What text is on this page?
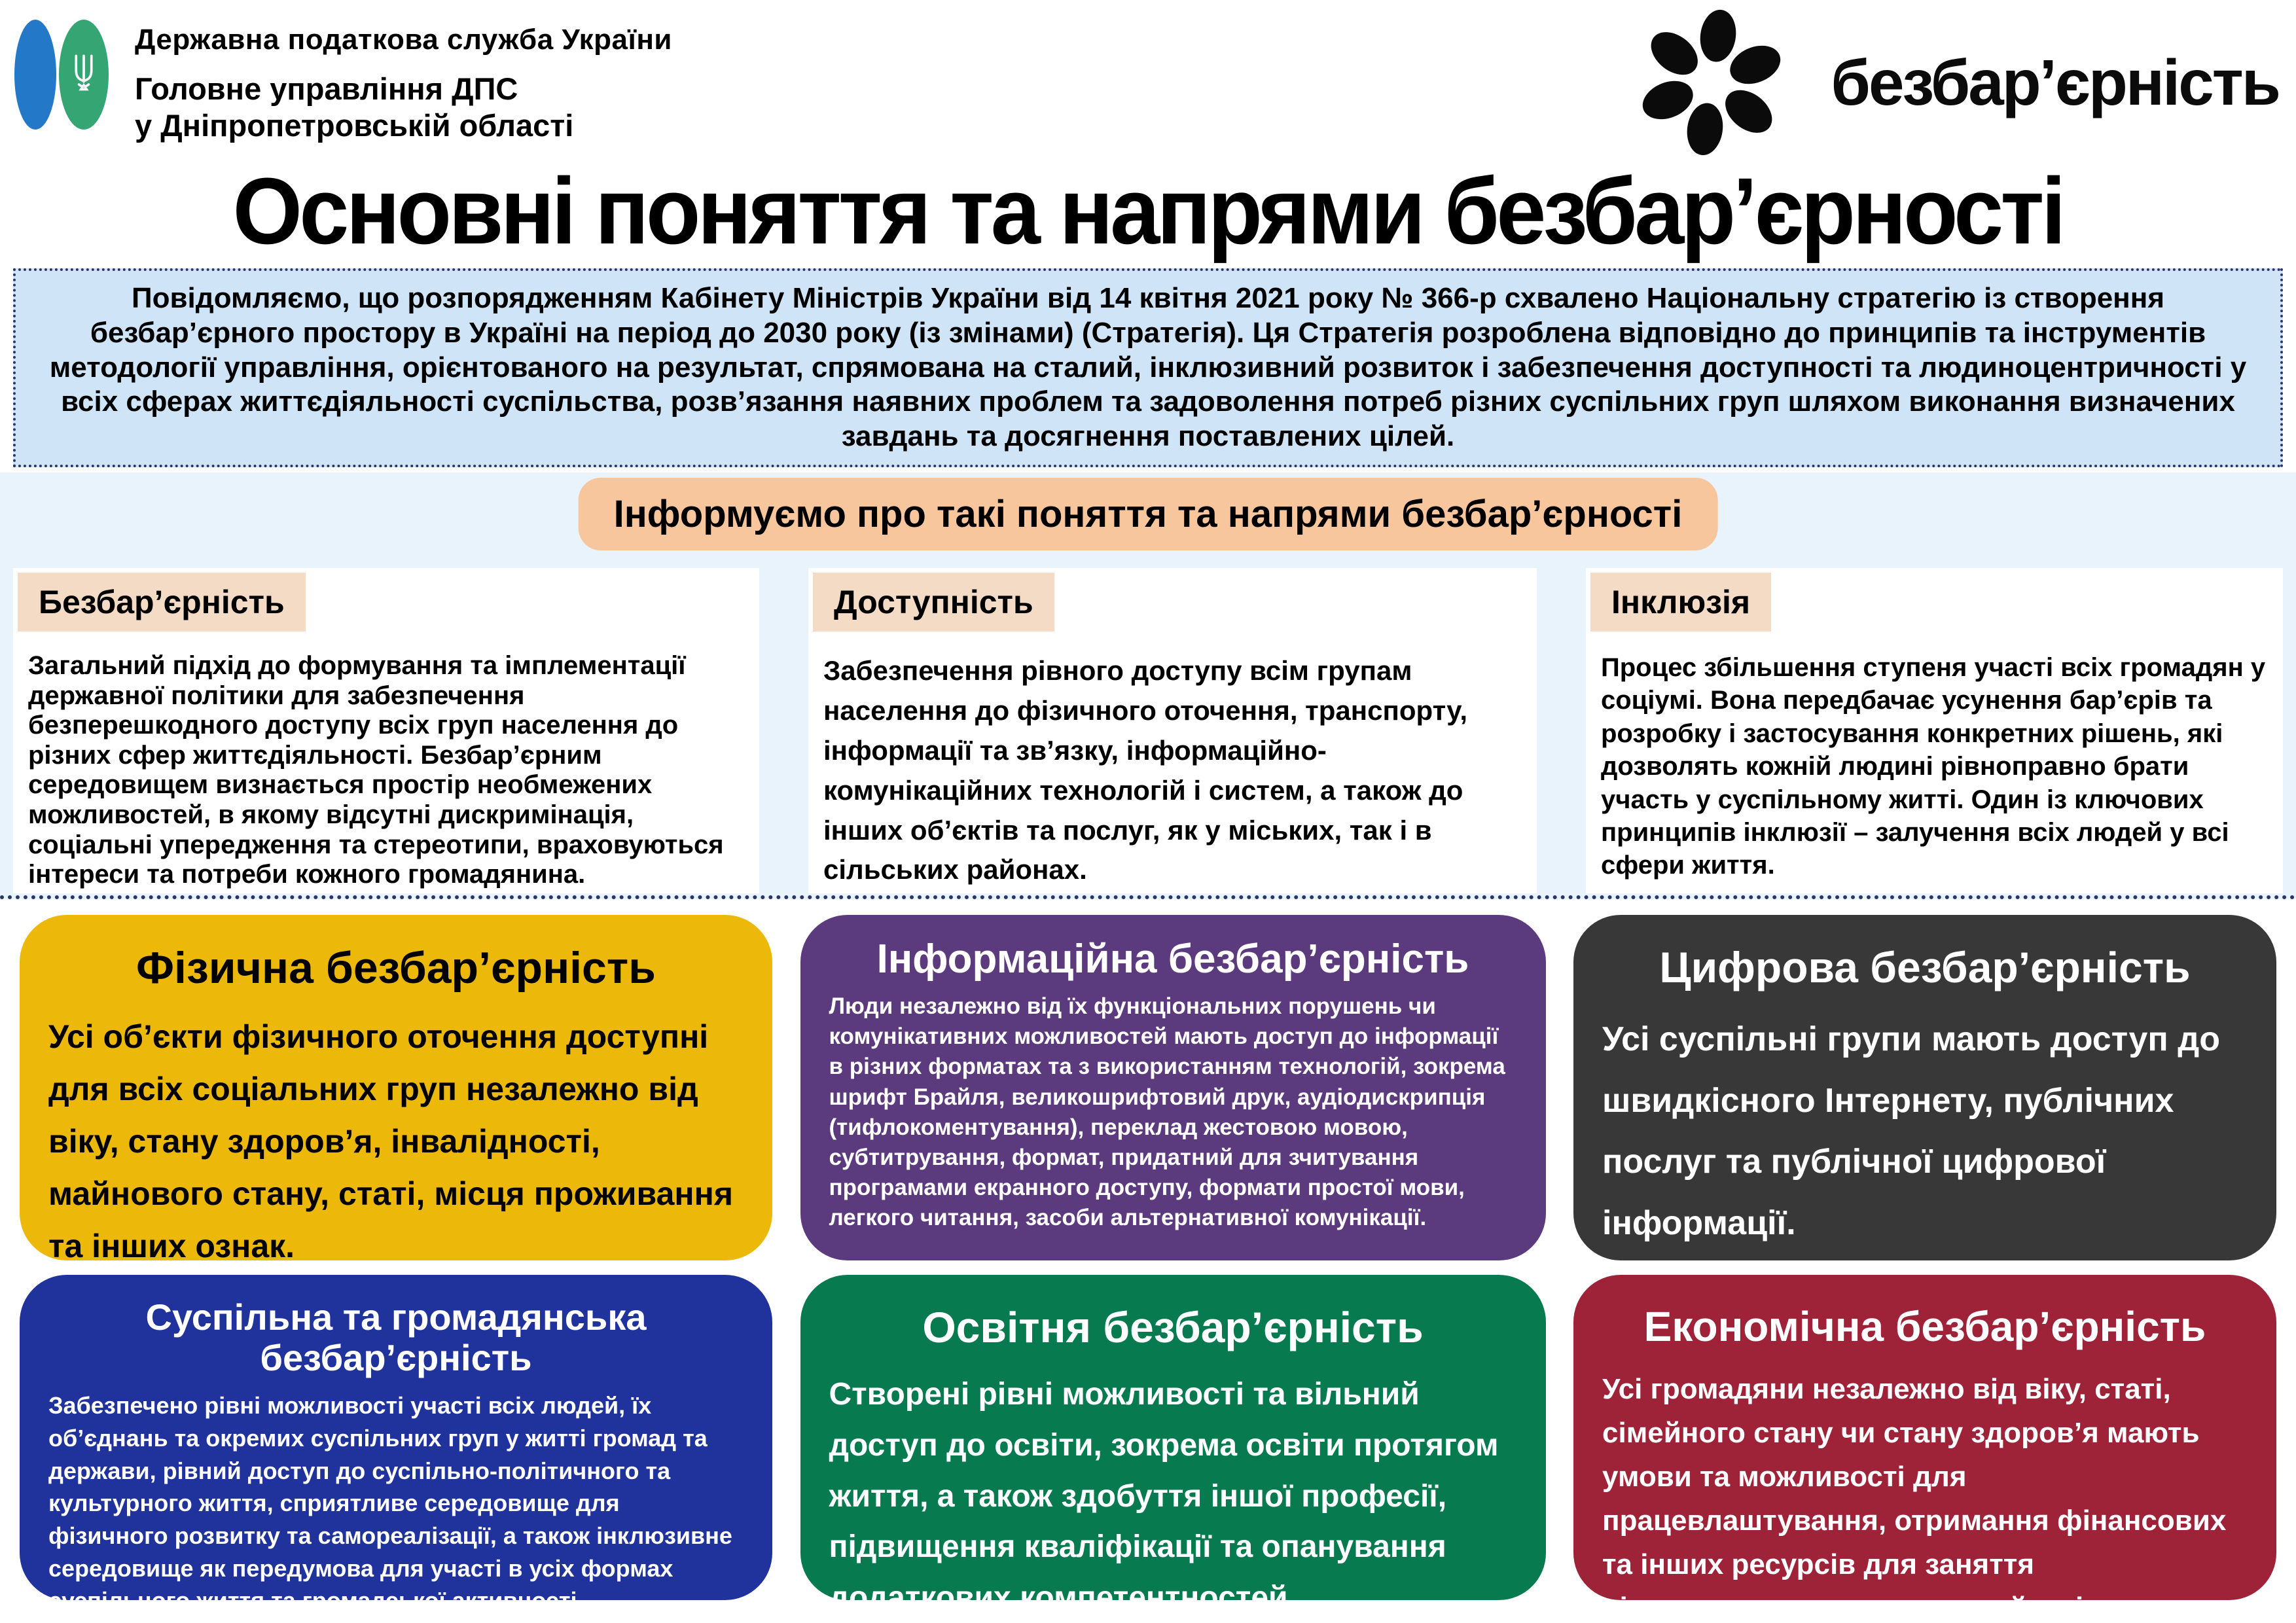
Державна податкова служба України
Головне управління ДПС
у Дніпропетровській області
безбар’єрність
Основні поняття та напрями безбар’єрності
Повідомляємо, що розпорядженням Кабінету Міністрів України від 14 квітня 2021 року № 366-р схвалено Національну стратегію із створення безбар’єрного простору в Україні на період до 2030 року (із змінами) (Стратегія). Ця Стратегія розроблена відповідно до принципів та інструментів методології управління, орієнтованого на результат, спрямована на сталий, інклюзивний розвиток і забезпечення доступності та людиноцентричності у всіх сферах життєдіяльності суспільства, розв’язання наявних проблем та задоволення потреб різних суспільних груп шляхом виконання визначених завдань та досягнення поставлених цілей.
Інформуємо про такі поняття та напрями безбар’єрності
Безбар’єрність
Загальний підхід до формування та імплементації державної політики для забезпечення безперешкодного доступу всіх груп населення до різних сфер життєдіяльності. Безбар’єрним середовищем визнається простір необмежених можливостей, в якому відсутні дискримінація, соціальні упередження та стереотипи, враховуються інтереси та потреби кожного громадянина.
Доступність
Забезпечення рівного доступу всім групам населення до фізичного оточення, транспорту, інформації та зв’язку, інформаційно-комунікаційних технологій і систем, а також до інших об’єктів та послуг, як у міських, так і в сільських районах.
Інклюзія
Процес збільшення ступеня участі всіх громадян у соціумі. Вона передбачає усунення бар’єрів та розробку і застосування конкретних рішень, які дозволять кожній людині рівноправно брати участь у суспільному житті. Один із ключових принципів інклюзії – залучення всіх людей у всі сфери життя.
Фізична безбар’єрність
Усі об’єкти фізичного оточення доступні для всіх соціальних груп незалежно від віку, стану здоров’я, інвалідності, майнового стану, статі, місця проживання та інших ознак.
Інформаційна безбар’єрність
Люди незалежно від їх функціональних порушень чи комунікативних можливостей мають доступ до інформації в різних форматах та з використанням технологій, зокрема шрифт Брайля, великошрифтовий друк, аудіодискрипція (тифлокоментування), переклад жестовою мовою, субтитрування, формат, придатний для зчитування програмами екранного доступу, формати простої мови, легкого читання, засоби альтернативної комунікації.
Цифрова безбар’єрність
Усі суспільні групи мають доступ до швидкісного Інтернету, публічних послуг та публічної цифрової інформації.
Суспільна та громадянська безбар’єрність
Забезпечено рівні можливості участі всіх людей, їх об’єднань та окремих суспільних груп у житті громад та держави, рівний доступ до суспільно-політичного та культурного життя, сприятливе середовище для фізичного розвитку та самореалізації, а також інклюзивне середовище як передумова для участі в усіх формах суспільного життя та громадської активності.
Освітня безбар’єрність
Створені рівні можливості та вільний доступ до освіти, зокрема освіти протягом життя, а також здобуття іншої професії, підвищення кваліфікації та опанування додаткових компетентностей.
Економічна безбар’єрність
Усі громадяни незалежно від віку, статі, сімейного стану чи стану здоров’я мають умови та можливості для працевлаштування, отримання фінансових та інших ресурсів для заняття підприємництвом чи самозайнятістю.
